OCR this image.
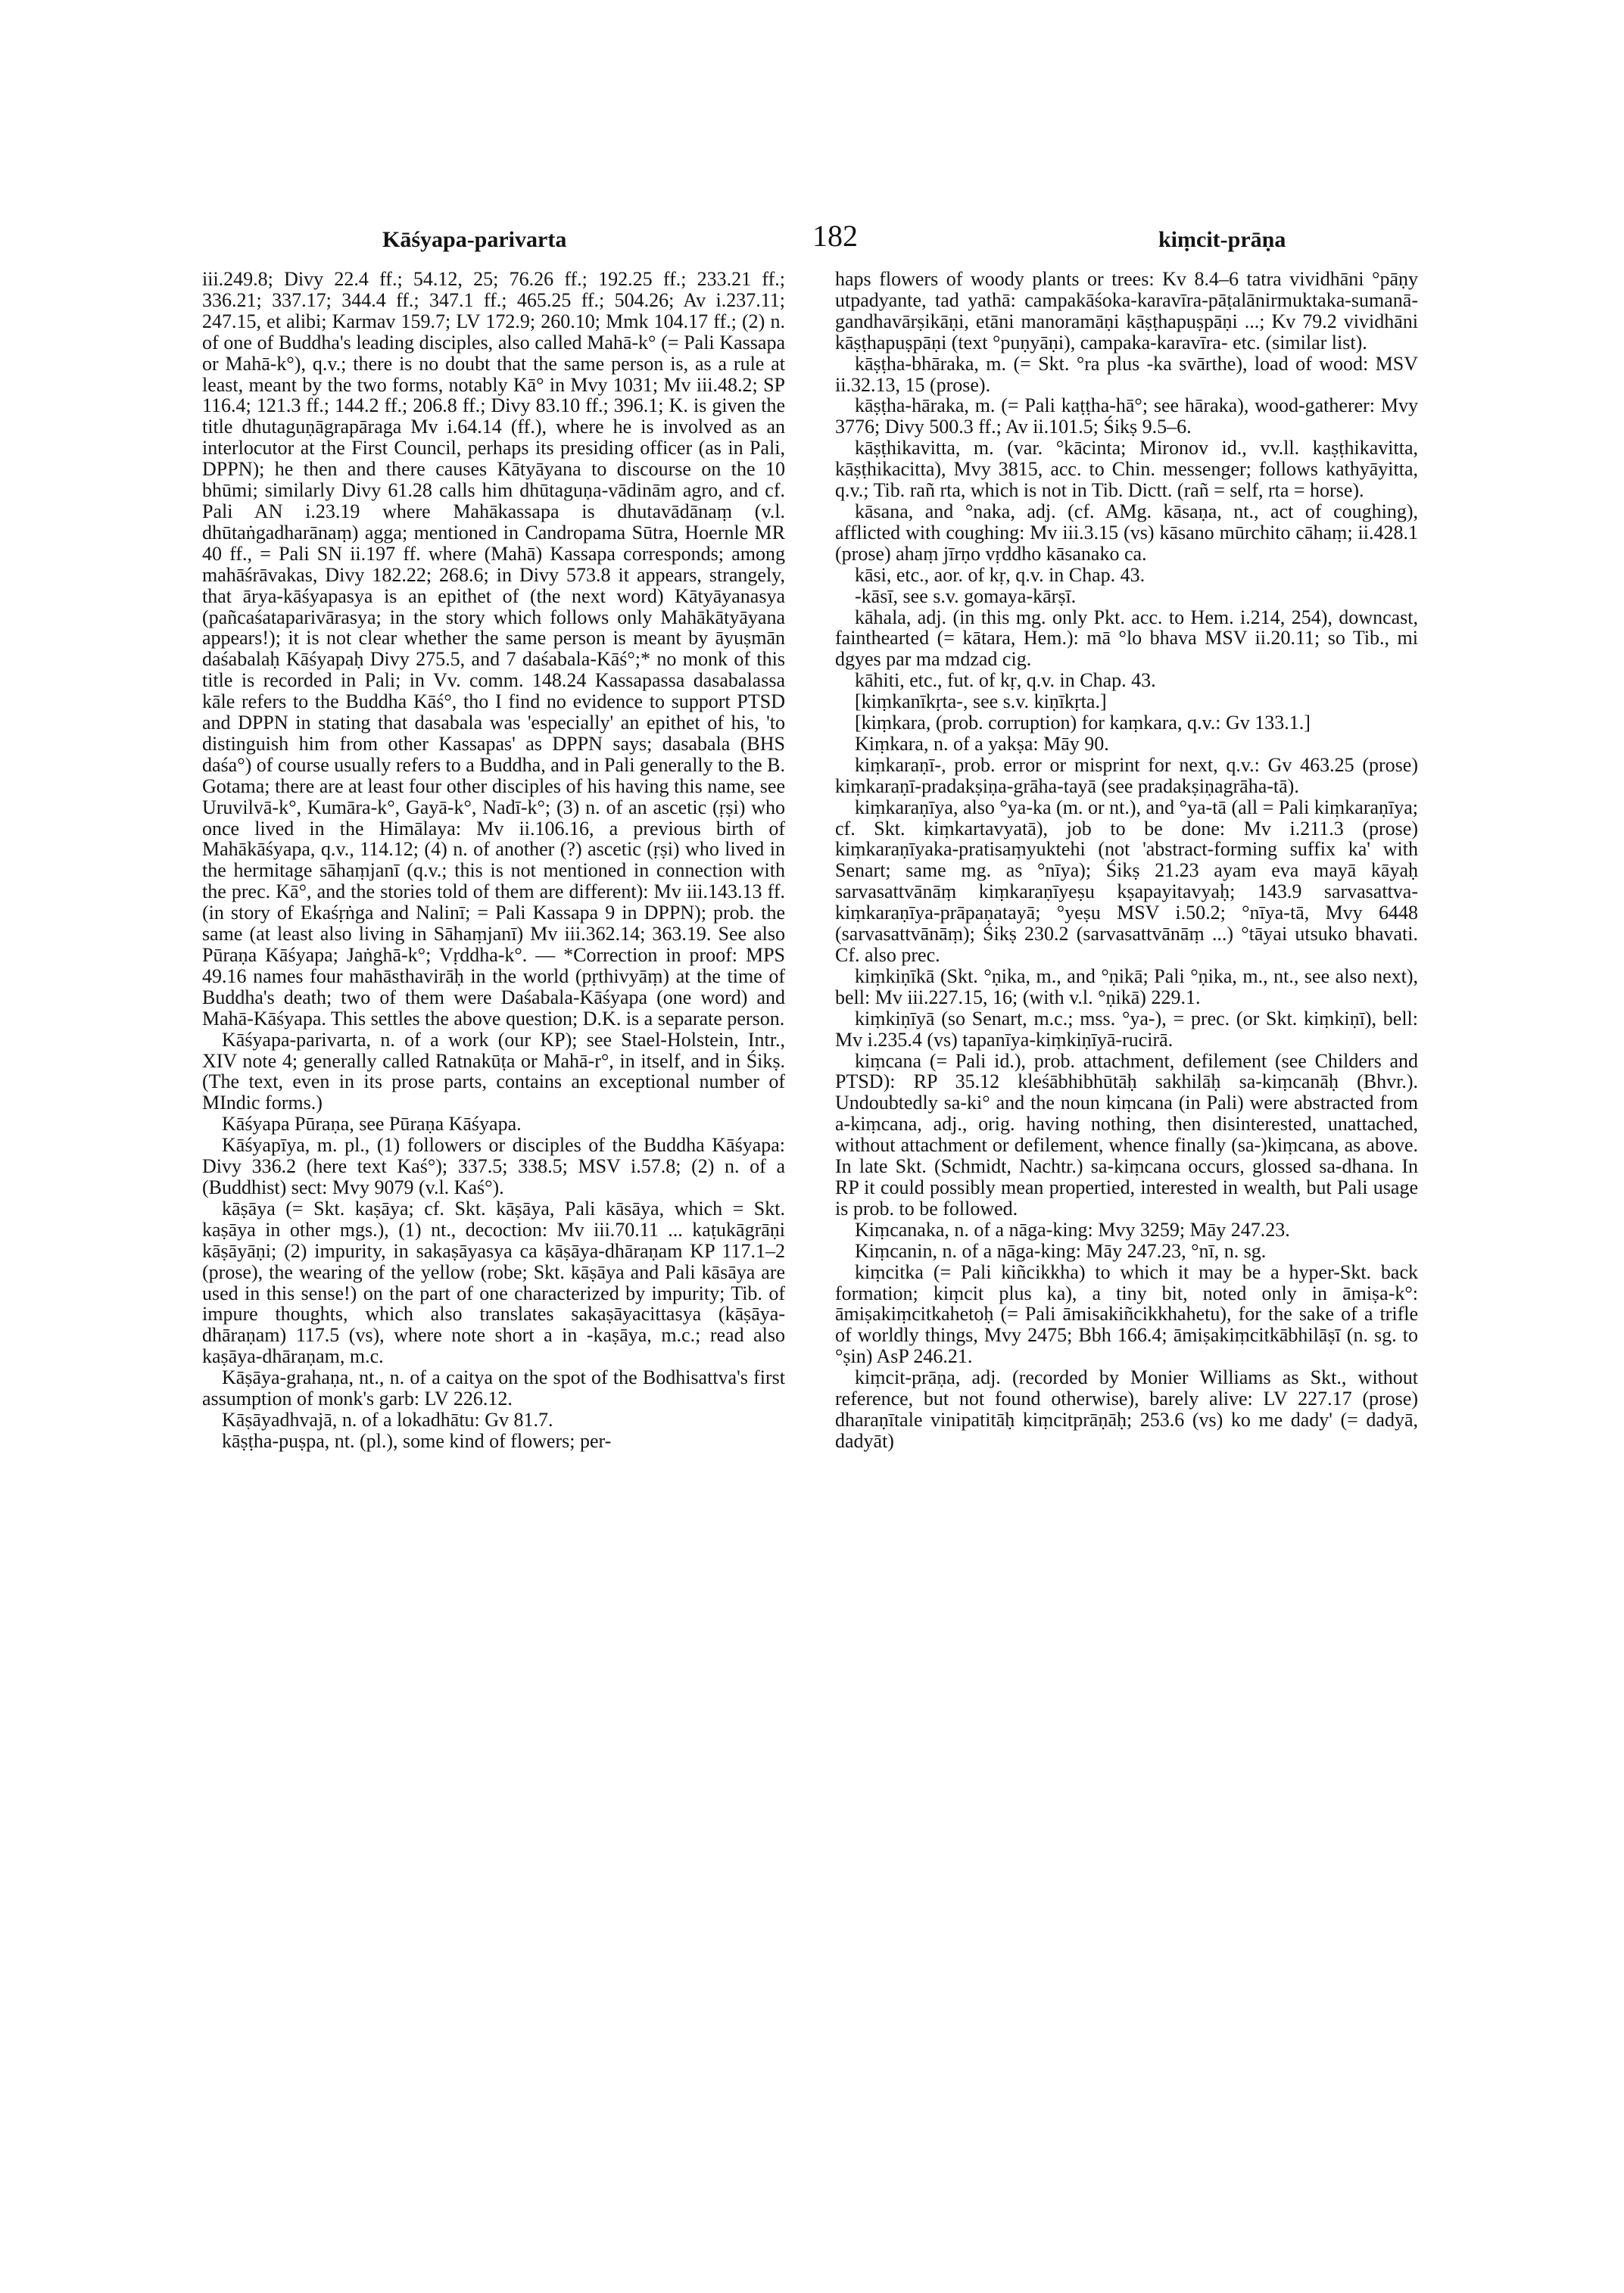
Kāśyapa-parivarta	182	kiṃcit-prāṇa

iii.249.8; Divy 22.4 ff.; 54.12, 25; 76.26 ff.; 192.25 ff.; 233.21 ff.; 336.21; 337.17; 344.4 ff.; 347.1 ff.; 465.25 ff.; 504.26; Av i.237.11; 247.15, et alibi; Karmav 159.7; LV 172.9; 260.10; Mmk 104.17 ff.; (2) n. of one of Buddha's leading disciples, also called Mahā-k° (= Pali Kassapa or Mahā-k°), q.v.; there is no doubt that the same person is, as a rule at least, meant by the two forms, notably Kā° in Mvy 1031; Mv iii.48.2; SP 116.4; 121.3 ff.; 144.2 ff.; 206.8 ff.; Divy 83.10 ff.; 396.1; K. is given the title dhutaguṇāgrapāraga Mv i.64.14 (ff.), where he is involved as an interlocutor at the First Council, perhaps its presiding officer (as in Pali, DPPN); he then and there causes Kātyāyana to discourse on the 10 bhūmi; similarly Divy 61.28 calls him dhūtaguṇa-vādinām agro, and cf. Pali AN i.23.19 where Mahākassapa is dhutavādānaṃ (v.l. dhūtaṅgadharānaṃ) agga; mentioned in Candropama Sūtra, Hoernle MR 40 ff., = Pali SN ii.197 ff. where (Mahā) Kassapa corresponds; among mahāśrāvakas, Divy 182.22; 268.6; in Divy 573.8 it appears, strangely, that ārya-kāśyapasya is an epithet of (the next word) Kātyāyanasya (pañcaśataparivārasya; in the story which follows only Mahākātyāyana appears!); it is not clear whether the same person is meant by āyuṣmān daśabalaḥ Kāśyapaḥ Divy 275.5, and 7 daśabala-Kāś°;* no monk of this title is recorded in Pali; in Vv. comm. 148.24 Kassapassa dasabalassa kāle refers to the Buddha Kāś°, tho I find no evidence to support PTSD and DPPN in stating that dasabala was 'especially' an epithet of his, 'to distinguish him from other Kassapas' as DPPN says; dasabala (BHS daśa°) of course usually refers to a Buddha, and in Pali generally to the B. Gotama; there are at least four other disciples of his having this name, see Uruvilvā-k°, Kumāra-k°, Gayā-k°, Nadī-k°; (3) n. of an ascetic (ṛṣi) who once lived in the Himālaya: Mv ii.106.16, a previous birth of Mahākāśyapa, q.v., 114.12; (4) n. of another (?) ascetic (ṛṣi) who lived in the hermitage sāhaṃjanī (q.v.; this is not mentioned in connection with the prec. Kā°, and the stories told of them are different): Mv iii.143.13 ff. (in story of Ekaśṛṅga and Nalinī; = Pali Kassapa 9 in DPPN); prob. the same (at least also living in Sāhaṃjanī) Mv iii.362.14; 363.19. See also Pūraṇa Kāśyapa; Jaṅghā-k°; Vṛddha-k°. — *Correction in proof: MPS 49.16 names four mahāsthavirāḥ in the world (pṛthivyāṃ) at the time of Buddha's death; two of them were Daśabala-Kāśyapa (one word) and Mahā-Kāśyapa. This settles the above question; D.K. is a separate person.

Kāśyapa-parivarta, n. of a work (our KP); see Stael-Holstein, Intr., XIV note 4; generally called Ratnakūṭa or Mahā-r°, in itself, and in Śikṣ. (The text, even in its prose parts, contains an exceptional number of MIndic forms.)

Kāśyapa Pūraṇa, see Pūraṇa Kāśyapa.

Kāśyapīya, m. pl., (1) followers or disciples of the Buddha Kāśyapa: Divy 336.2 (here text Kaś°); 337.5; 338.5; MSV i.57.8; (2) n. of a (Buddhist) sect: Mvy 9079 (v.l. Kaś°).

kāṣāya (= Skt. kaṣāya; cf. Skt. kāṣāya, Pali kāsāya, which = Skt. kaṣāya in other mgs.), (1) nt., decoction: Mv iii.70.11 ... kaṭukāgrāṇi kāṣāyāṇi; (2) impurity, in sakaṣāyasya ca kāṣāya-dhāraṇam KP 117.1–2 (prose), the wearing of the yellow (robe; Skt. kāṣāya and Pali kāsāya are used in this sense!) on the part of one characterized by impurity; Tib. of impure thoughts, which also translates sakaṣāyacittasya (kāṣāya-dhāraṇam) 117.5 (vs), where note short a in -kaṣāya, m.c.; read also kaṣāya-dhāraṇam, m.c.

Kāṣāya-grahaṇa, nt., n. of a caitya on the spot of the Bodhisattva's first assumption of monk's garb: LV 226.12.

Kāṣāyadhvajā, n. of a lokadhātu: Gv 81.7.

kāṣṭha-puṣpa, nt. (pl.), some kind of flowers; per-

haps flowers of woody plants or trees: Kv 8.4–6 tatra vividhāni °pāṇy utpadyante, tad yathā: campakāśoka-karavīra-pāṭalānirmuktaka-sumanā-gandhavārṣikāṇi, etāni manoramāṇi kāṣṭhapuṣpāṇi ...; Kv 79.2 vividhāni kāṣṭhapuṣpāṇi (text °puṇyāṇi), campaka-karavīra- etc. (similar list).

kāṣṭha-bhāraka, m. (= Skt. °ra plus -ka svārthe), load of wood: MSV ii.32.13, 15 (prose).

kāṣṭha-hāraka, m. (= Pali kaṭṭha-hā°; see hāraka), wood-gatherer: Mvy 3776; Divy 500.3 ff.; Av ii.101.5; Śikṣ 9.5–6.

kāṣṭhikavitta, m. (var. °kācinta; Mironov id., vv.ll. kaṣṭhikavitta, kāṣṭhikacitta), Mvy 3815, acc. to Chin. messenger; follows kathyāyitta, q.v.; Tib. rañ rta, which is not in Tib. Dictt. (rañ = self, rta = horse).

kāsana, and °naka, adj. (cf. AMg. kāsaṇa, nt., act of coughing), afflicted with coughing: Mv iii.3.15 (vs) kāsano mūrchito cāhaṃ; ii.428.1 (prose) ahaṃ jīrṇo vṛddho kāsanako ca.

kāsi, etc., aor. of kṛ, q.v. in Chap. 43.

-kāsī, see s.v. gomaya-kārṣī.

kāhala, adj. (in this mg. only Pkt. acc. to Hem. i.214, 254), downcast, fainthearted (= kātara, Hem.): mā °lo bhava MSV ii.20.11; so Tib., mi dgyes par ma mdzad cig.

kāhiti, etc., fut. of kṛ, q.v. in Chap. 43.

[kiṃkanīkṛta-, see s.v. kiṇīkṛta.]

[kiṃkara, (prob. corruption) for kaṃkara, q.v.: Gv 133.1.]

Kiṃkara, n. of a yakṣa: Māy 90.

kiṃkaraṇī-, prob. error or misprint for next, q.v.: Gv 463.25 (prose) kiṃkaraṇī-pradakṣiṇa-grāha-tayā (see pradakṣiṇagrāha-tā).

kiṃkaraṇīya, also °ya-ka (m. or nt.), and °ya-tā (all = Pali kiṃkaraṇīya; cf. Skt. kiṃkartavyatā), job to be done: Mv i.211.3 (prose) kiṃkaraṇīyaka-pratisaṃyuktehi (not 'abstract-forming suffix ka' with Senart; same mg. as °nīya); Śikṣ 21.23 ayam eva mayā kāyaḥ sarvasattvānāṃ kiṃkaraṇīyeṣu kṣapayitavyaḥ; 143.9 sarvasattva-kiṃkaraṇīya-prāpaṇatayā; °yeṣu MSV i.50.2; °nīya-tā, Mvy 6448 (sarvasattvānāṃ); Śikṣ 230.2 (sarvasattvānāṃ ...) °tāyai utsuko bhavati. Cf. also prec.

kiṃkiṇīkā (Skt. °ṇika, m., and °ṇikā; Pali °ṇika, m., nt., see also next), bell: Mv iii.227.15, 16; (with v.l. °ṇikā) 229.1.

kiṃkiṇīyā (so Senart, m.c.; mss. °ya-), = prec. (or Skt. kiṃkiṇī), bell: Mv i.235.4 (vs) tapanīya-kiṃkiṇīyā-rucirā.

kiṃcana (= Pali id.), prob. attachment, defilement (see Childers and PTSD): RP 35.12 kleśābhibhūtāḥ sakhilāḥ sa-kiṃcanāḥ (Bhvr.). Undoubtedly sa-ki° and the noun kiṃcana (in Pali) were abstracted from a-kiṃcana, adj., orig. having nothing, then disinterested, unattached, without attachment or defilement, whence finally (sa-)kiṃcana, as above. In late Skt. (Schmidt, Nachtr.) sa-kiṃcana occurs, glossed sa-dhana. In RP it could possibly mean propertied, interested in wealth, but Pali usage is prob. to be followed.

Kiṃcanaka, n. of a nāga-king: Mvy 3259; Māy 247.23.

Kiṃcanin, n. of a nāga-king: Māy 247.23, °nī, n. sg.

kiṃcitka (= Pali kiñcikkha) to which it may be a hyper-Skt. back formation; kiṃcit plus ka), a tiny bit, noted only in āmiṣa-k°: āmiṣakiṃcitkahetoḥ (= Pali āmisakiñcikkhahetu), for the sake of a trifle of worldly things, Mvy 2475; Bbh 166.4; āmiṣakiṃcitkābhilāṣī (n. sg. to °ṣin) AsP 246.21.

kiṃcit-prāṇa, adj. (recorded by Monier Williams as Skt., without reference, but not found otherwise), barely alive: LV 227.17 (prose) dharaṇītale vinipatitāḥ kiṃcitprāṇāḥ; 253.6 (vs) ko me dady' (= dadyā, dadyāt)
